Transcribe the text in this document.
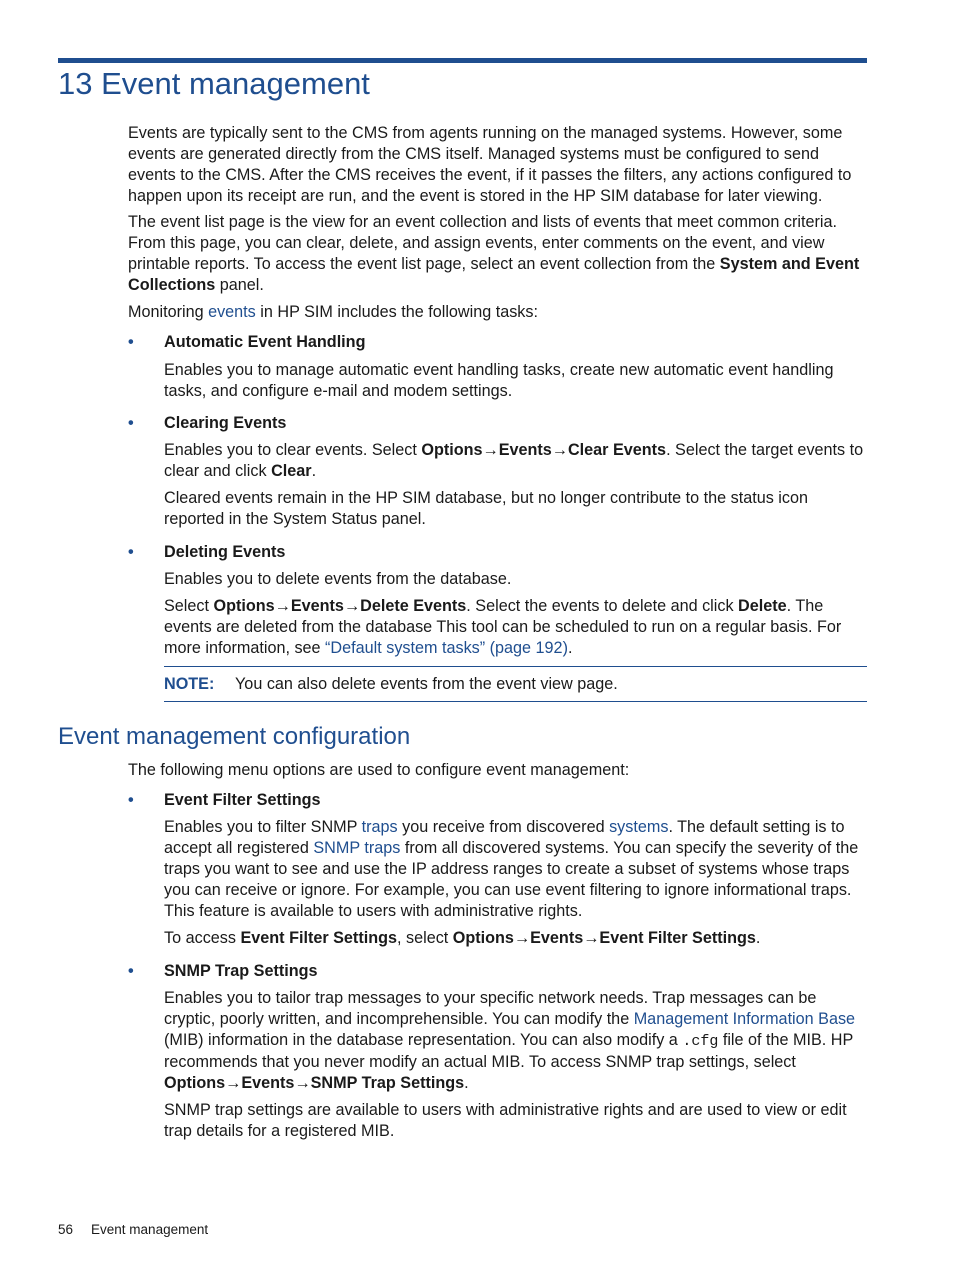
13 Event management

Events are typically sent to the CMS from agents running on the managed systems. However, some events are generated directly from the CMS itself. Managed systems must be configured to send events to the CMS. After the CMS receives the event, if it passes the filters, any actions configured to happen upon its receipt are run, and the event is stored in the HP SIM database for later viewing.

The event list page is the view for an event collection and lists of events that meet common criteria. From this page, you can clear, delete, and assign events, enter comments on the event, and view printable reports. To access the event list page, select an event collection from the System and Event Collections panel.

Monitoring events in HP SIM includes the following tasks:

• Automatic Event Handling

Enables you to manage automatic event handling tasks, create new automatic event handling tasks, and configure e-mail and modem settings.

• Clearing Events

Enables you to clear events. Select Options→Events→Clear Events. Select the target events to clear and click Clear.

Cleared events remain in the HP SIM database, but no longer contribute to the status icon reported in the System Status panel.

• Deleting Events

Enables you to delete events from the database.

Select Options→Events→Delete Events. Select the events to delete and click Delete. The events are deleted from the database This tool can be scheduled to run on a regular basis. For more information, see “Default system tasks” (page 192).

NOTE: You can also delete events from the event view page.
Event management configuration

The following menu options are used to configure event management:

• Event Filter Settings

Enables you to filter SNMP traps you receive from discovered systems. The default setting is to accept all registered SNMP traps from all discovered systems. You can specify the severity of the traps you want to see and use the IP address ranges to create a subset of systems whose traps you can receive or ignore. For example, you can use event filtering to ignore informational traps. This feature is available to users with administrative rights.

To access Event Filter Settings, select Options→Events→Event Filter Settings.

• SNMP Trap Settings

Enables you to tailor trap messages to your specific network needs. Trap messages can be cryptic, poorly written, and incomprehensible. You can modify the Management Information Base (MIB) information in the database representation. You can also modify a .cfg file of the MIB. HP recommends that you never modify an actual MIB. To access SNMP trap settings, select Options→Events→SNMP Trap Settings.

SNMP trap settings are available to users with administrative rights and are used to view or edit trap details for a registered MIB.

56 Event management
